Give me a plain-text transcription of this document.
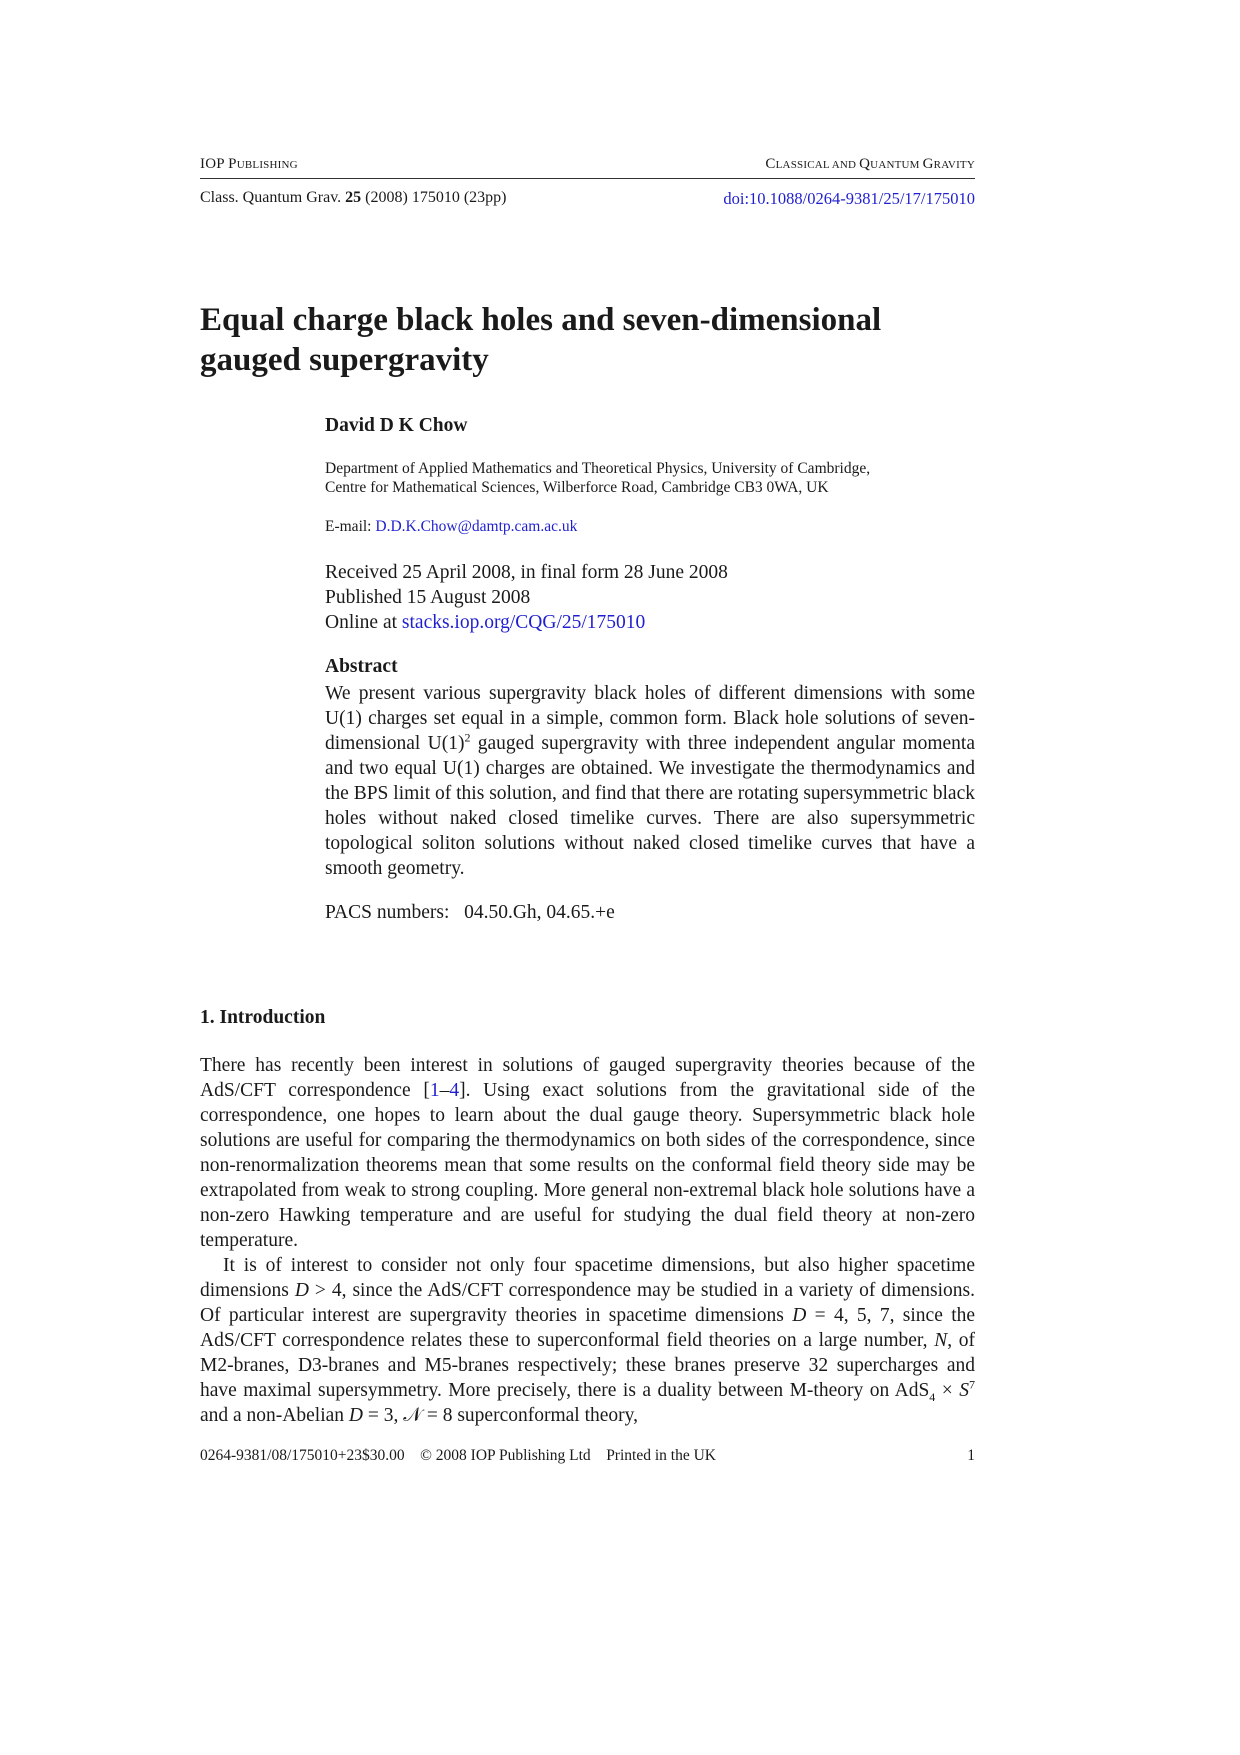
IOP PUBLISHING	CLASSICAL AND QUANTUM GRAVITY
Class. Quantum Grav. 25 (2008) 175010 (23pp)	doi:10.1088/0264-9381/25/17/175010
Equal charge black holes and seven-dimensional gauged supergravity
David D K Chow
Department of Applied Mathematics and Theoretical Physics, University of Cambridge,
Centre for Mathematical Sciences, Wilberforce Road, Cambridge CB3 0WA, UK
E-mail: D.D.K.Chow@damtp.cam.ac.uk
Received 25 April 2008, in final form 28 June 2008
Published 15 August 2008
Online at stacks.iop.org/CQG/25/175010
Abstract
We present various supergravity black holes of different dimensions with some U(1) charges set equal in a simple, common form. Black hole solutions of seven-dimensional $U(1)^2$ gauged supergravity with three independent angular momenta and two equal U(1) charges are obtained. We investigate the thermodynamics and the BPS limit of this solution, and find that there are rotating supersymmetric black holes without naked closed timelike curves. There are also supersymmetric topological soliton solutions without naked closed timelike curves that have a smooth geometry.
PACS numbers: 04.50.Gh, 04.65.+e
1. Introduction

There has recently been interest in solutions of gauged supergravity theories because of the AdS/CFT correspondence [1–4]. Using exact solutions from the gravitational side of the correspondence, one hopes to learn about the dual gauge theory. Supersymmetric black hole solutions are useful for comparing the thermodynamics on both sides of the correspondence, since non-renormalization theorems mean that some results on the conformal field theory side may be extrapolated from weak to strong coupling. More general non-extremal black hole solutions have a non-zero Hawking temperature and are useful for studying the dual field theory at non-zero temperature.

It is of interest to consider not only four spacetime dimensions, but also higher spacetime dimensions D > 4, since the AdS/CFT correspondence may be studied in a variety of dimensions. Of particular interest are supergravity theories in spacetime dimensions D = 4, 5, 7, since the AdS/CFT correspondence relates these to superconformal field theories on a large number, N, of M2-branes, D3-branes and M5-branes respectively; these branes preserve 32 supercharges and have maximal supersymmetry. More precisely, there is a duality between M-theory on $AdS_4 \times S^7$ and a non-Abelian D = 3, 𝒩 = 8 superconformal theory,

0264-9381/08/175010+23$30.00 © 2008 IOP Publishing Ltd Printed in the UK	1
